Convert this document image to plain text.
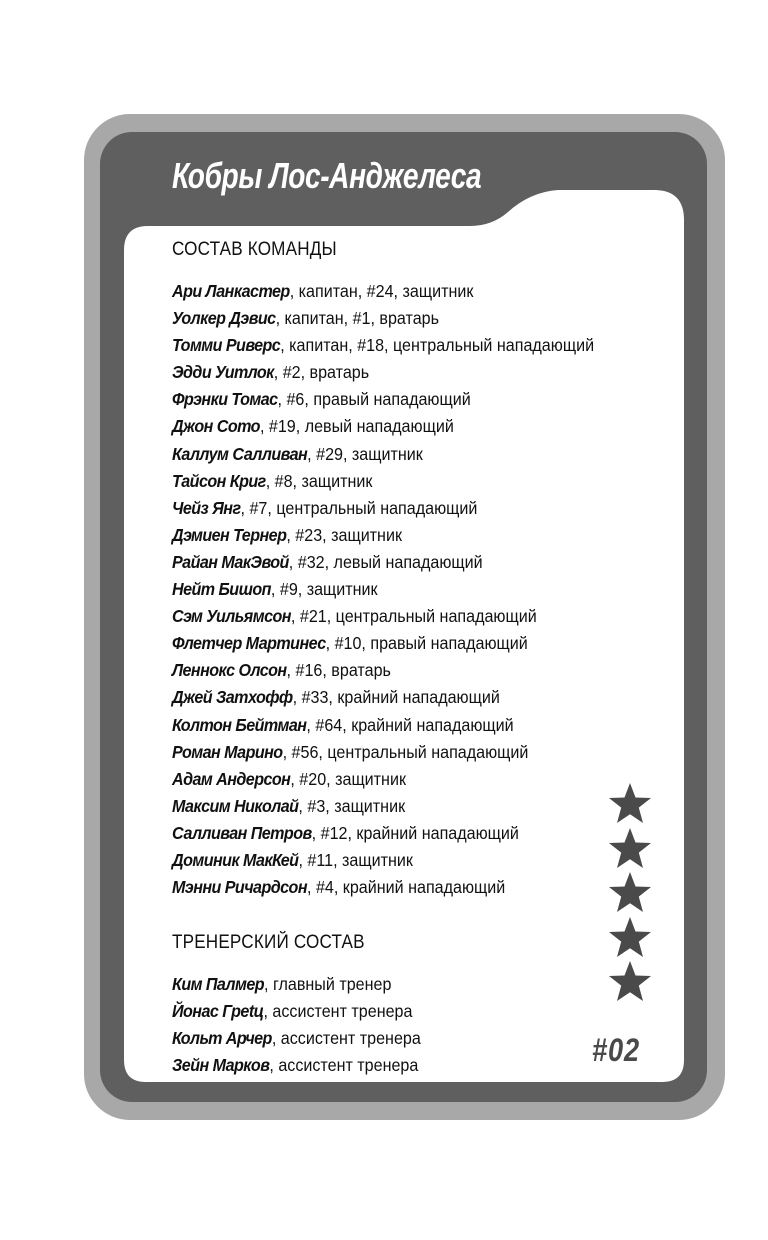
Кобры Лос-Анджелеса
СОСТАВ КОМАНДЫ
Ари Ланкастер, капитан, #24, защитник
Уолкер Дэвис, капитан, #1, вратарь
Томми Риверс, капитан, #18, центральный нападающий
Эдди Уитлок, #2, вратарь
Фрэнки Томас, #6, правый нападающий
Джон Сото, #19, левый нападающий
Каллум Салливан, #29, защитник
Тайсон Криг, #8, защитник
Чейз Янг, #7, центральный нападающий
Дэмиен Тернер, #23, защитник
Райан МакЭвой, #32, левый нападающий
Нейт Бишоп, #9, защитник
Сэм Уильямсон, #21, центральный нападающий
Флетчер Мартинес, #10, правый нападающий
Леннокс Олсон, #16, вратарь
Джей Затхофф, #33, крайний нападающий
Колтон Бейтман, #64, крайний нападающий
Роман Марино, #56, центральный нападающий
Адам Андерсон, #20, защитник
Максим Николай, #3, защитник
Салливан Петров, #12, крайний нападающий
Доминик МакКей, #11, защитник
Мэнни Ричардсон, #4, крайний нападающий
ТРЕНЕРСКИЙ СОСТАВ
Ким Палмер, главный тренер
Йонас Грetц, ассистент тренера
Кольт Арчер, ассистент тренера
Зейн Марков, ассистент тренера	#02
